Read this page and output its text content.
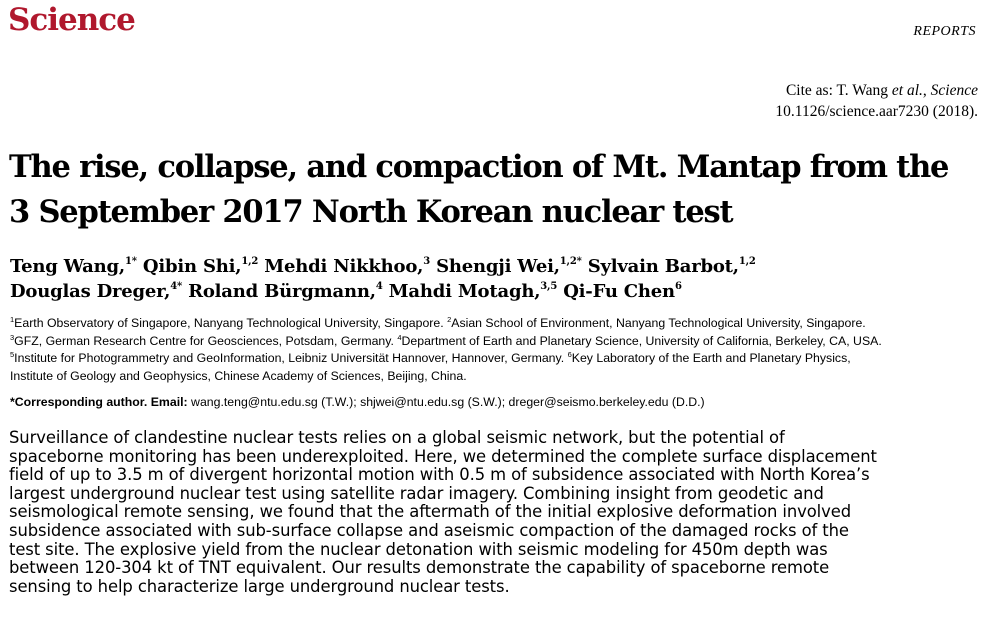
Science	REPORTS
Cite as: T. Wang et al., Science
10.1126/science.aar7230 (2018).
The rise, collapse, and compaction of Mt. Mantap from the
3 September 2017 North Korean nuclear test
Teng Wang,$^{1*}$ Qibin Shi,$^{1,2}$ Mehdi Nikkhoo,$^3$ Shengji Wei,$^{1,2*}$ Sylvain Barbot,$^{1,2}$
Douglas Dreger,$^{4*}$ Roland Bürgmann,$^4$ Mahdi Motagh,$^{3,5}$ Qi-Fu Chen$^6$
$^1$Earth Observatory of Singapore, Nanyang Technological University, Singapore. $^2$Asian School of Environment, Nanyang Technological University, Singapore.
$^3$GFZ, German Research Centre for Geosciences, Potsdam, Germany. $^4$Department of Earth and Planetary Science, University of California, Berkeley, CA, USA.
$^5$Institute for Photogrammetry and GeoInformation, Leibniz Universität Hannover, Hannover, Germany. $^6$Key Laboratory of the Earth and Planetary Physics,
Institute of Geology and Geophysics, Chinese Academy of Sciences, Beijing, China.
*Corresponding author. Email: wang.teng@ntu.edu.sg (T.W.); shjwei@ntu.edu.sg (S.W.); dreger@seismo.berkeley.edu (D.D.)
Surveillance of clandestine nuclear tests relies on a global seismic network, but the potential of
spaceborne monitoring has been underexploited. Here, we determined the complete surface displacement
field of up to 3.5 m of divergent horizontal motion with 0.5 m of subsidence associated with North Korea’s
largest underground nuclear test using satellite radar imagery. Combining insight from geodetic and
seismological remote sensing, we found that the aftermath of the initial explosive deformation involved
subsidence associated with sub-surface collapse and aseismic compaction of the damaged rocks of the
test site. The explosive yield from the nuclear detonation with seismic modeling for 450m depth was
between 120-304 kt of TNT equivalent. Our results demonstrate the capability of spaceborne remote
sensing to help characterize large underground nuclear tests.
